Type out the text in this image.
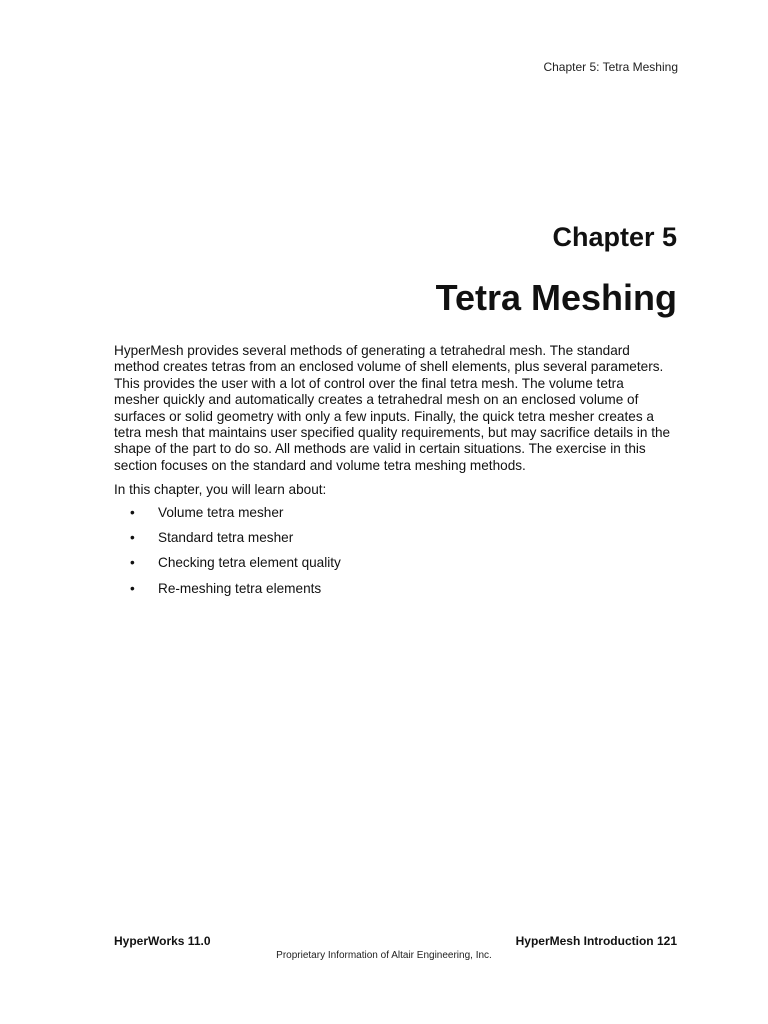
Chapter 5: Tetra Meshing
Chapter 5
Tetra Meshing

HyperMesh provides several methods of generating a tetrahedral mesh. The standard
method creates tetras from an enclosed volume of shell elements, plus several parameters.
This provides the user with a lot of control over the final tetra mesh. The volume tetra
mesher quickly and automatically creates a tetrahedral mesh on an enclosed volume of
surfaces or solid geometry with only a few inputs. Finally, the quick tetra mesher creates a
tetra mesh that maintains user specified quality requirements, but may sacrifice details in the
shape of the part to do so. All methods are valid in certain situations. The exercise in this
section focuses on the standard and volume tetra meshing methods.

In this chapter, you will learn about:

•	Volume tetra mesher
•	Standard tetra mesher
•	Checking tetra element quality
•	Re-meshing tetra elements
HyperWorks 11.0	HyperMesh Introduction 121
Proprietary Information of Altair Engineering, Inc.
